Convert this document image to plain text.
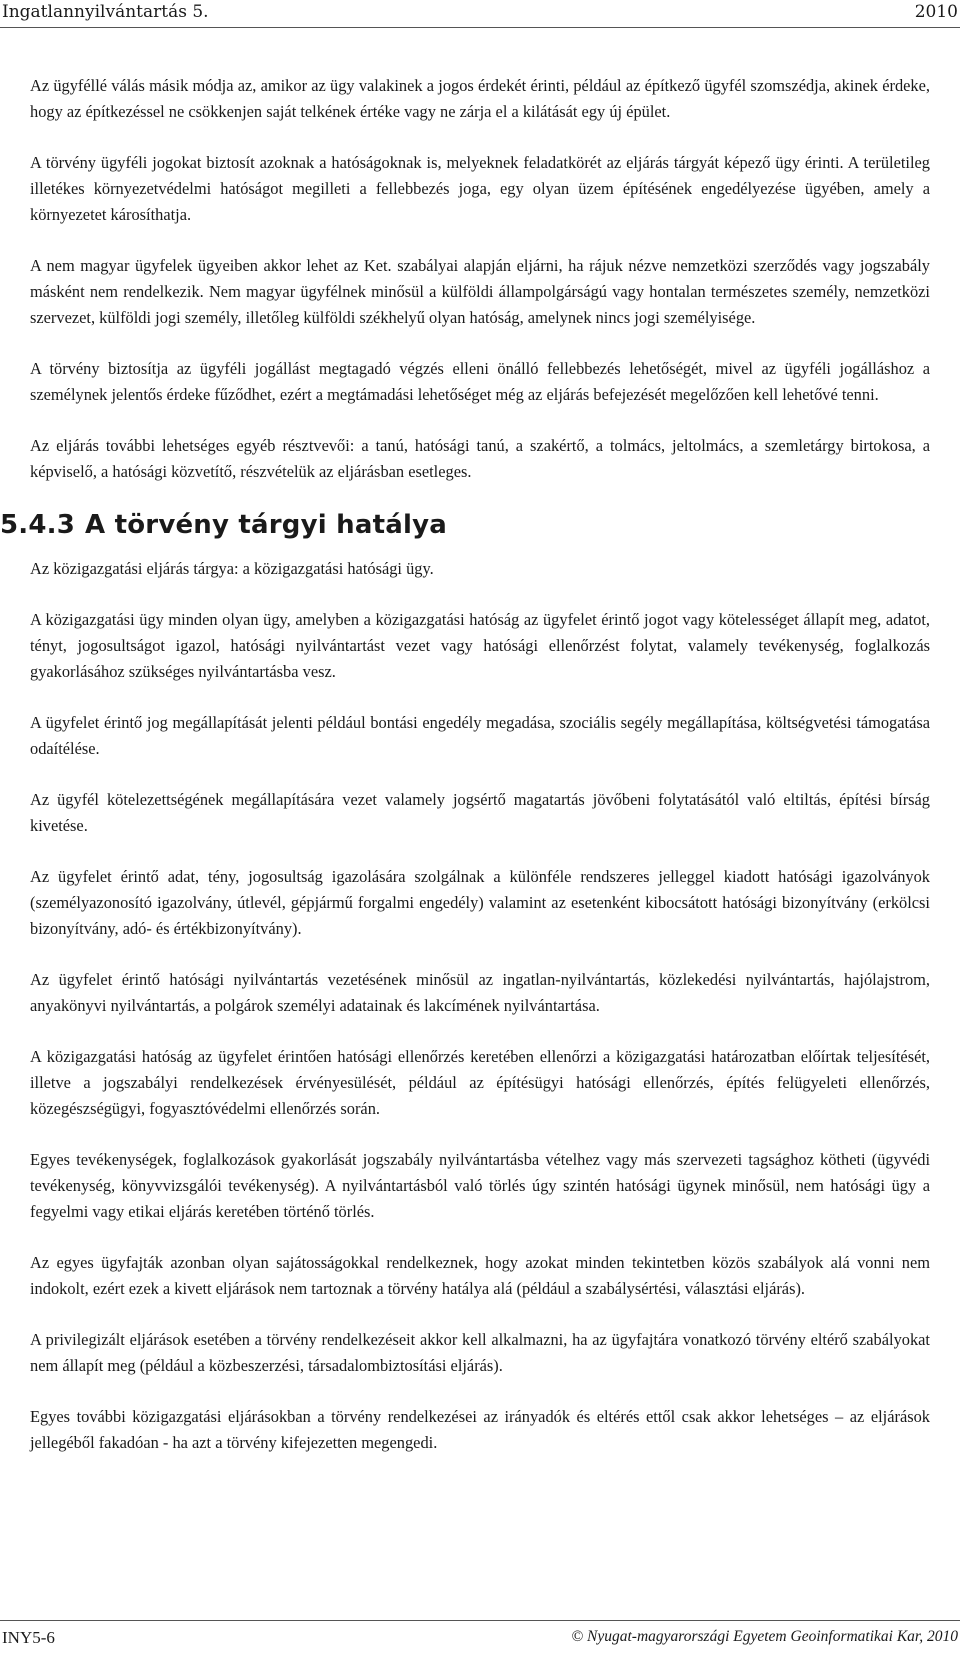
Ingatlannyilvántartás 5.	2010

Az ügyféllé válás másik módja az, amikor az ügy valakinek a jogos érdekét érinti, például az építkező ügyfél szomszédja, akinek érdeke, hogy az építkezéssel ne csökkenjen saját telkének értéke vagy ne zárja el a kilátását egy új épület.

A törvény ügyféli jogokat biztosít azoknak a hatóságoknak is, melyeknek feladatkörét az eljárás tárgyát képező ügy érinti. A területileg illetékes környezetvédelmi hatóságot megilleti a fellebbezés joga, egy olyan üzem építésének engedélyezése ügyében, amely a környezetet károsíthatja.

A nem magyar ügyfelek ügyeiben akkor lehet az Ket. szabályai alapján eljárni, ha rájuk nézve nemzetközi szerződés vagy jogszabály másként nem rendelkezik. Nem magyar ügyfélnek minősül a külföldi állampolgárságú vagy hontalan természetes személy, nemzetközi szervezet, külföldi jogi személy, illetőleg külföldi székhelyű olyan hatóság, amelynek nincs jogi személyisége.

A törvény biztosítja az ügyféli jogállást megtagadó végzés elleni önálló fellebbezés lehetőségét, mivel az ügyféli jogálláshoz a személynek jelentős érdeke fűződhet, ezért a megtámadási lehetőséget még az eljárás befejezését megelőzően kell lehetővé tenni.

Az eljárás további lehetséges egyéb résztvevői: a tanú, hatósági tanú, a szakértő, a tolmács, jeltolmács, a szemletárgy birtokosa, a képviselő, a hatósági közvetítő, részvételük az eljárásban esetleges.

5.4.3 A törvény tárgyi hatálya

Az közigazgatási eljárás tárgya: a közigazgatási hatósági ügy.

A közigazgatási ügy minden olyan ügy, amelyben a közigazgatási hatóság az ügyfelet érintő jogot vagy kötelességet állapít meg, adatot, tényt, jogosultságot igazol, hatósági nyilvántartást vezet vagy hatósági ellenőrzést folytat, valamely tevékenység, foglalkozás gyakorlásához szükséges nyilvántartásba vesz.

A ügyfelet érintő jog megállapítását jelenti például bontási engedély megadása, szociális segély megállapítása, költségvetési támogatása odaítélése.

Az ügyfél kötelezettségének megállapítására vezet valamely jogsértő magatartás jövőbeni folytatásától való eltiltás, építési bírság kivetése.

Az ügyfelet érintő adat, tény, jogosultság igazolására szolgálnak a különféle rendszeres jelleggel kiadott hatósági igazolványok (személyazonosító igazolvány, útlevél, gépjármű forgalmi engedély) valamint az esetenként kibocsátott hatósági bizonyítvány (erkölcsi bizonyítvány, adó- és értékbizonyítvány).

Az ügyfelet érintő hatósági nyilvántartás vezetésének minősül az ingatlan-nyilvántartás, közlekedési nyilvántartás, hajólajstrom, anyakönyvi nyilvántartás, a polgárok személyi adatainak és lakcímének nyilvántartása.

A közigazgatási hatóság az ügyfelet érintően hatósági ellenőrzés keretében ellenőrzi a közigazgatási határozatban előírtak teljesítését, illetve a jogszabályi rendelkezések érvényesülését, például az építésügyi hatósági ellenőrzés, építés felügyeleti ellenőrzés, közegészségügyi, fogyasztóvédelmi ellenőrzés során.

Egyes tevékenységek, foglalkozások gyakorlását jogszabály nyilvántartásba vételhez vagy más szervezeti tagsághoz kötheti (ügyvédi tevékenység, könyvvizsgálói tevékenység). A nyilvántartásból való törlés úgy szintén hatósági ügynek minősül, nem hatósági ügy a fegyelmi vagy etikai eljárás keretében történő törlés.

Az egyes ügyfajták azonban olyan sajátosságokkal rendelkeznek, hogy azokat minden tekintetben közös szabályok alá vonni nem indokolt, ezért ezek a kivett eljárások nem tartoznak a törvény hatálya alá (például a szabálysértési, választási eljárás).

A privilegizált eljárások esetében a törvény rendelkezéseit akkor kell alkalmazni, ha az ügyfajtára vonatkozó törvény eltérő szabályokat nem állapít meg (például a közbeszerzési, társadalombiztosítási eljárás).

Egyes további közigazgatási eljárásokban a törvény rendelkezései az irányadók és eltérés ettől csak akkor lehetséges – az eljárások jellegéből fakadóan - ha azt a törvény kifejezetten megengedi.

INY5-6	© Nyugat-magyarországi Egyetem Geoinformatikai Kar, 2010
